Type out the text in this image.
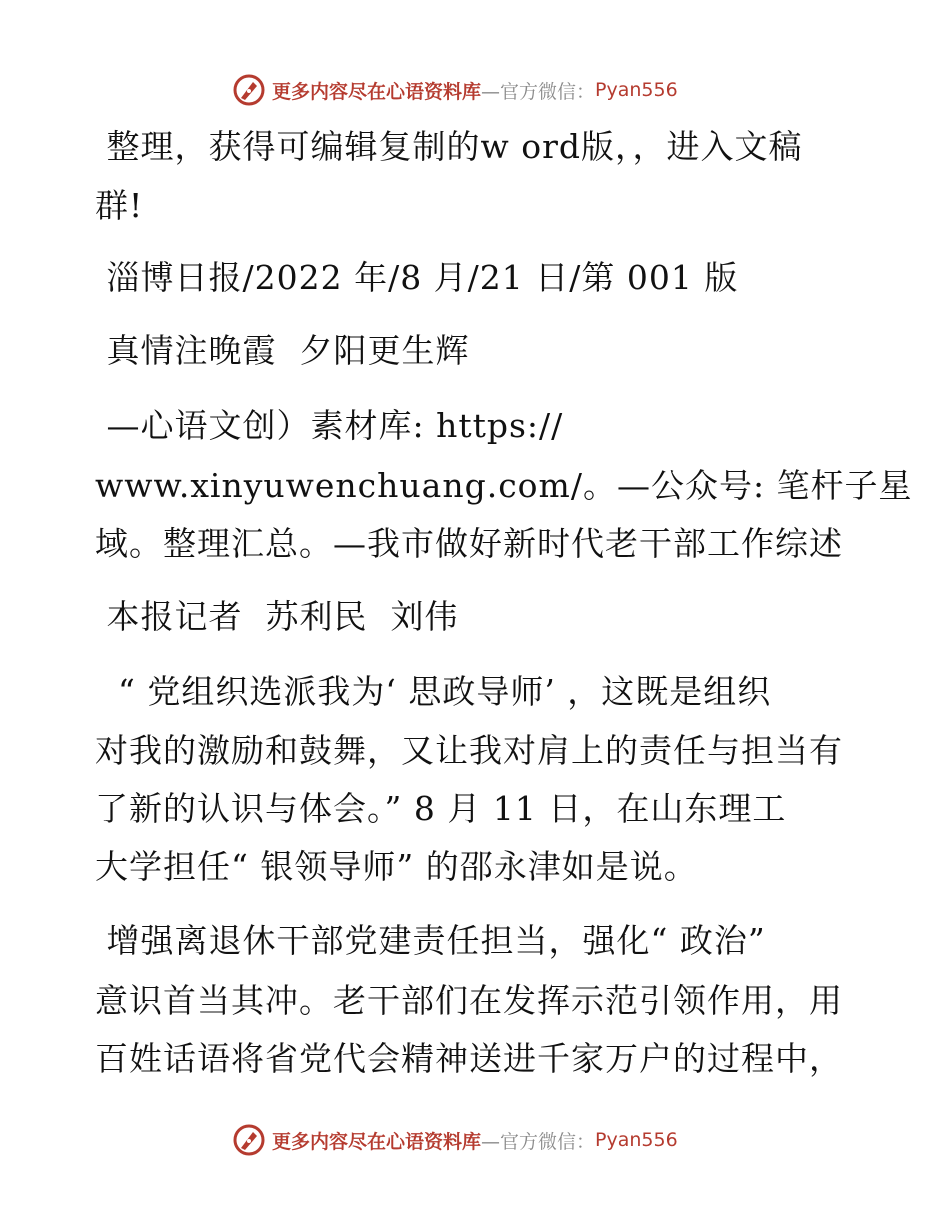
更多内容尽在心语资料库 —官方微信： Pyan556
整理，获得可编辑复制的w ord版，，进入文稿
群!
淄博日报/2022 年/8 月/21 日/第 001 版
真情注晚霞  夕阳更生辉
—心语文创）素材库: https://
www.xinyuwenchuang.com/。—公众号: 笔杆子星
域。整理汇总。—我市做好新时代老干部工作综述
本报记者  苏利民  刘伟
“ 党组织选派我为‘ 思政导师’ ，这既是组织
对我的激励和鼓舞，又让我对肩上的责任与担当有
了新的认识与体会。” 8 月 11 日，在山东理工
大学担任“ 银领导师” 的邵永津如是说。
增强离退休干部党建责任担当，强化“ 政治”
意识首当其冲。老干部们在发挥示范引领作用，用
百姓话语将省党代会精神送进千家万户的过程中，
更多内容尽在心语资料库 —官方微信： Pyan556
